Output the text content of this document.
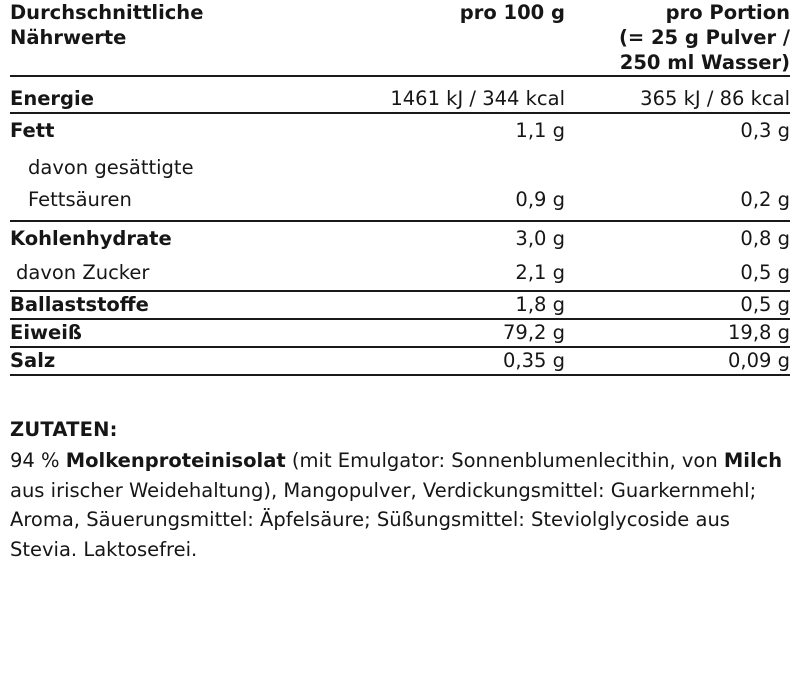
Durchschnittliche
Nährwerte

pro 100 g	pro Portion
(= 25 g Pulver /
250 ml Wasser)

Energie	1461 kJ / 344 kcal	365 kJ / 86 kcal

Fett	1,1 g	0,3 g

davon gesättigte
Fettsäuren	0,9 g	0,2 g

Kohlenhydrate	3,0 g	0,8 g
davon Zucker	2,1 g	0,5 g

Ballaststoffe	1,8 g	0,5 g

Eiweiß	79,2 g	19,8 g

Salz	0,35 g	0,09 g

ZUTATEN:
94 % Molkenproteinisolat (mit Emulgator: Sonnenblumenlecithin, von Milch aus irischer Weidehaltung), Mangopulver, Verdickungsmittel: Guarkernmehl; Aroma, Säuerungsmittel: Äpfelsäure; Süßungsmittel: Steviolglycoside aus Stevia. Laktosefrei.
